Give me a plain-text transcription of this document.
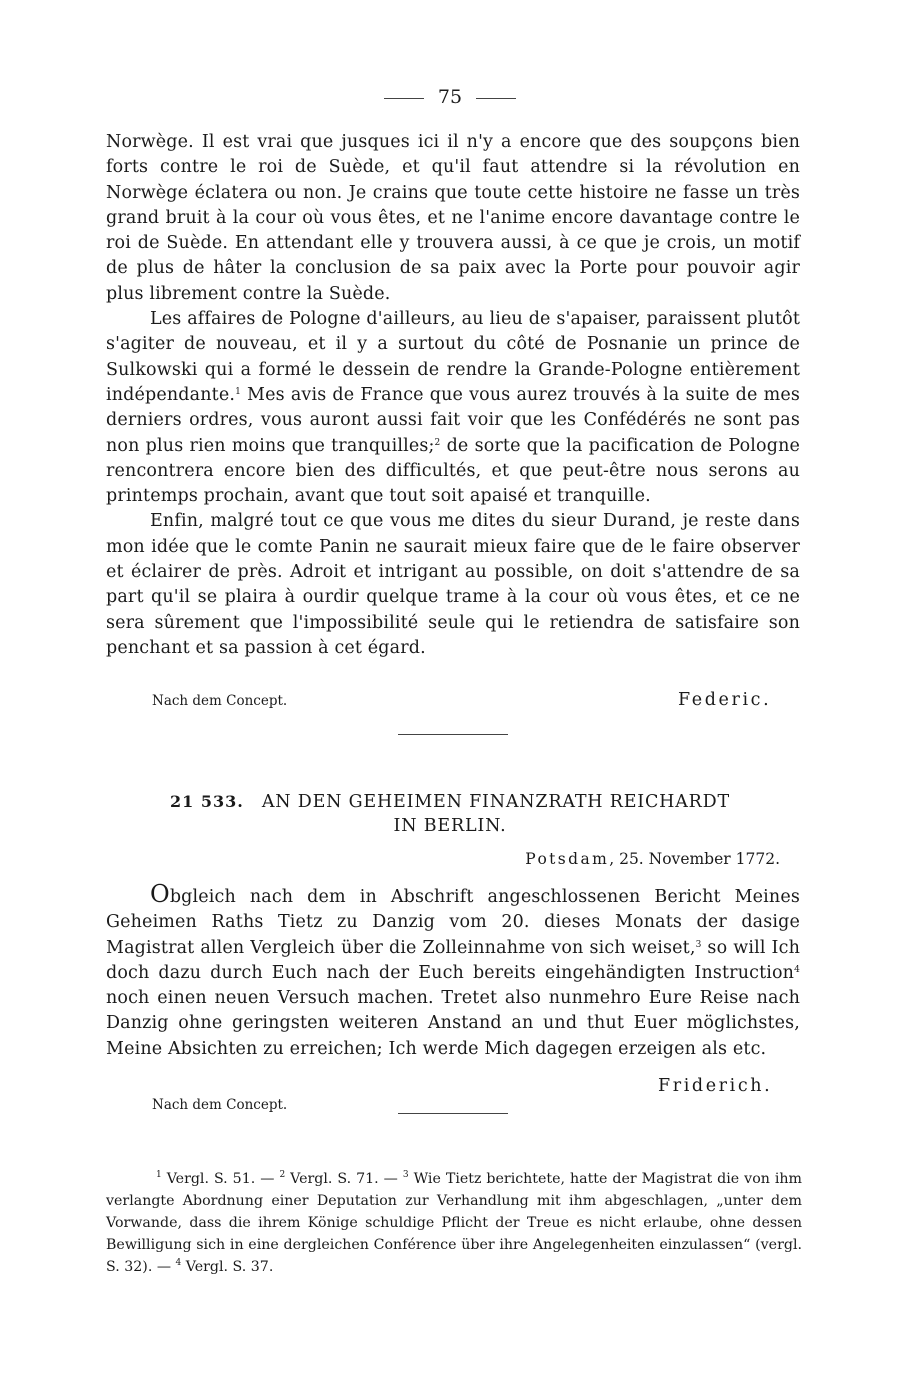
75

Norwège. Il est vrai que jusques ici il n'y a encore que des soupçons bien forts contre le roi de Suède, et qu'il faut attendre si la révolution en Norwège éclatera ou non. Je crains que toute cette histoire ne fasse un très grand bruit à la cour où vous êtes, et ne l'anime encore davantage contre le roi de Suède. En attendant elle y trouvera aussi, à ce que je crois, un motif de plus de hâter la conclusion de sa paix avec la Porte pour pouvoir agir plus librement contre la Suède.

Les affaires de Pologne d'ailleurs, au lieu de s'apaiser, paraissent plutôt s'agiter de nouveau, et il y a surtout du côté de Posnanie un prince de Sulkowski qui a formé le dessein de rendre la Grande-Pologne entièrement indépendante.$^1$ Mes avis de France que vous aurez trouvés à la suite de mes derniers ordres, vous auront aussi fait voir que les Confédérés ne sont pas non plus rien moins que tranquilles;$^2$ de sorte que la pacification de Pologne rencontrera encore bien des difficultés, et que peut-être nous serons au printemps prochain, avant que tout soit apaisé et tranquille.

Enfin, malgré tout ce que vous me dites du sieur Durand, je reste dans mon idée que le comte Panin ne saurait mieux faire que de le faire observer et éclairer de près. Adroit et intrigant au possible, on doit s'attendre de sa part qu'il se plaira à ourdir quelque trame à la cour où vous êtes, et ce ne sera sûrement que l'impossibilité seule qui le retiendra de satisfaire son penchant et sa passion à cet égard.

Nach dem Concept.	Federic.
21 533. AN DEN GEHEIMEN FINANZRATH REICHARDT
IN BERLIN.
Potsdam, 25. November 1772.

Obgleich nach dem in Abschrift angeschlossenen Bericht Meines Geheimen Raths Tietz zu Danzig vom 20. dieses Monats der dasige Magistrat allen Vergleich über die Zolleinnahme von sich weiset,$^3$ so will Ich doch dazu durch Euch nach der Euch bereits eingehändigten Instruction$^4$ noch einen neuen Versuch machen. Tretet also nunmehro Eure Reise nach Danzig ohne geringsten weiteren Anstand an und thut Euer möglichstes, Meine Absichten zu erreichen; Ich werde Mich dagegen erzeigen als etc.

Friderich.
Nach dem Concept.

$^1$ Vergl. S. 51. — $^2$ Vergl. S. 71. — $^3$ Wie Tietz berichtete, hatte der Magistrat die von ihm verlangte Abordnung einer Deputation zur Verhandlung mit ihm abgeschlagen, „unter dem Vorwande, dass die ihrem Könige schuldige Pflicht der Treue es nicht erlaube, ohne dessen Bewilligung sich in eine dergleichen Conférence über ihre Angelegenheiten einzulassen“ (vergl. S. 32). — $^4$ Vergl. S. 37.
